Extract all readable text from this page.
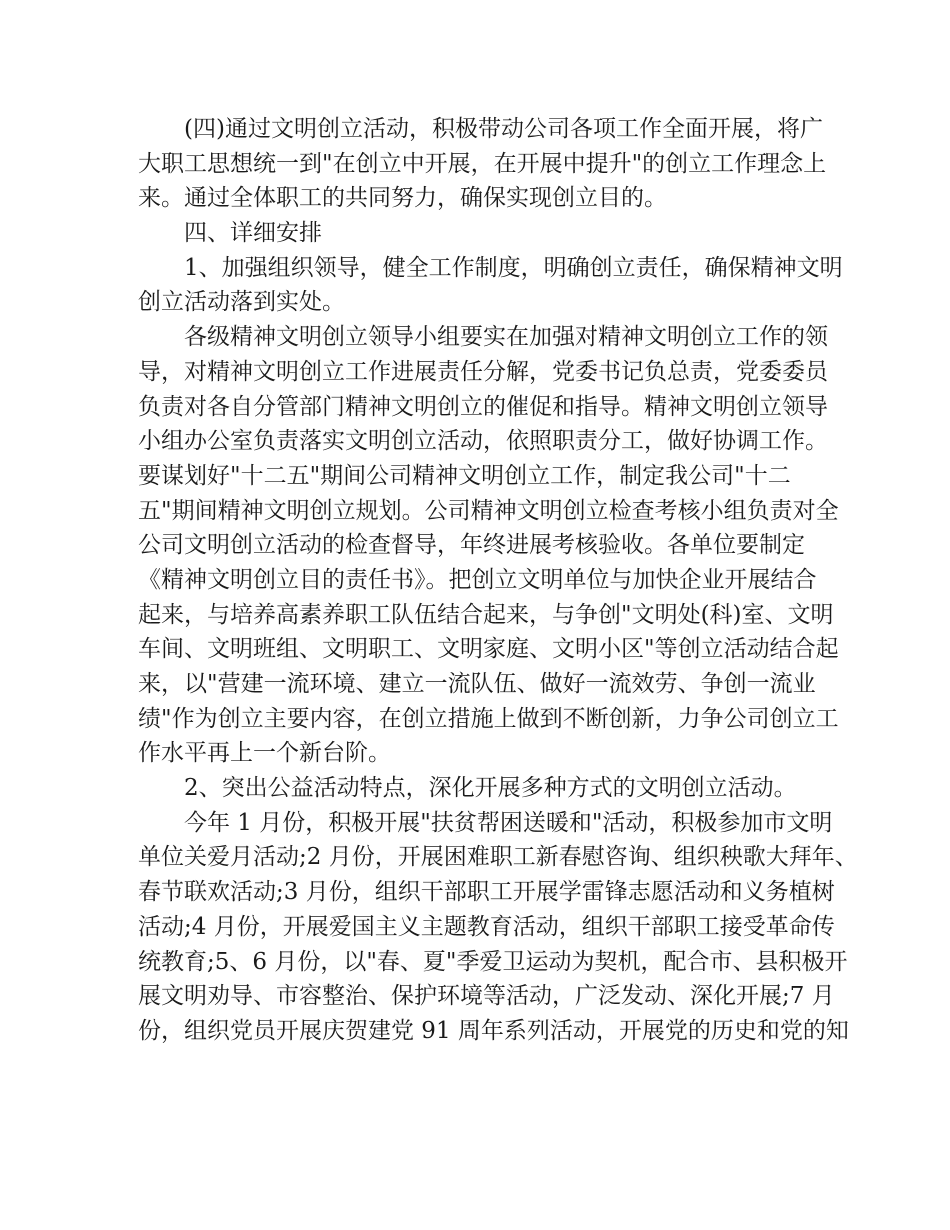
　　(四)通过文明创立活动，积极带动公司各项工作全面开展，将广
大职工思想统一到"在创立中开展，在开展中提升"的创立工作理念上
来。通过全体职工的共同努力，确保实现创立目的。
　　四、详细安排
　　1、加强组织领导，健全工作制度，明确创立责任，确保精神文明
创立活动落到实处。
　　各级精神文明创立领导小组要实在加强对精神文明创立工作的领
导，对精神文明创立工作进展责任分解，党委书记负总责，党委委员
负责对各自分管部门精神文明创立的催促和指导。精神文明创立领导
小组办公室负责落实文明创立活动，依照职责分工，做好协调工作。
要谋划好"十二五"期间公司精神文明创立工作，制定我公司"十二
五"期间精神文明创立规划。公司精神文明创立检查考核小组负责对全
公司文明创立活动的检查督导，年终进展考核验收。各单位要制定
《精神文明创立目的责任书》。把创立文明单位与加快企业开展结合
起来，与培养高素养职工队伍结合起来，与争创"文明处(科)室、文明
车间、文明班组、文明职工、文明家庭、文明小区"等创立活动结合起
来，以"营建一流环境、建立一流队伍、做好一流效劳、争创一流业
绩"作为创立主要内容，在创立措施上做到不断创新，力争公司创立工
作水平再上一个新台阶。
　　2、突出公益活动特点，深化开展多种方式的文明创立活动。
　　今年 1 月份，积极开展"扶贫帮困送暖和"活动，积极参加市文明
单位关爱月活动;2 月份，开展困难职工新春慰咨询、组织秧歌大拜年、
春节联欢活动;3 月份，组织干部职工开展学雷锋志愿活动和义务植树
活动;4 月份，开展爱国主义主题教育活动，组织干部职工接受革命传
统教育;5、6 月份，以"春、夏"季爱卫运动为契机，配合市、县积极开
展文明劝导、市容整治、保护环境等活动，广泛发动、深化开展;7 月
份，组织党员开展庆贺建党 91 周年系列活动，开展党的历史和党的知
